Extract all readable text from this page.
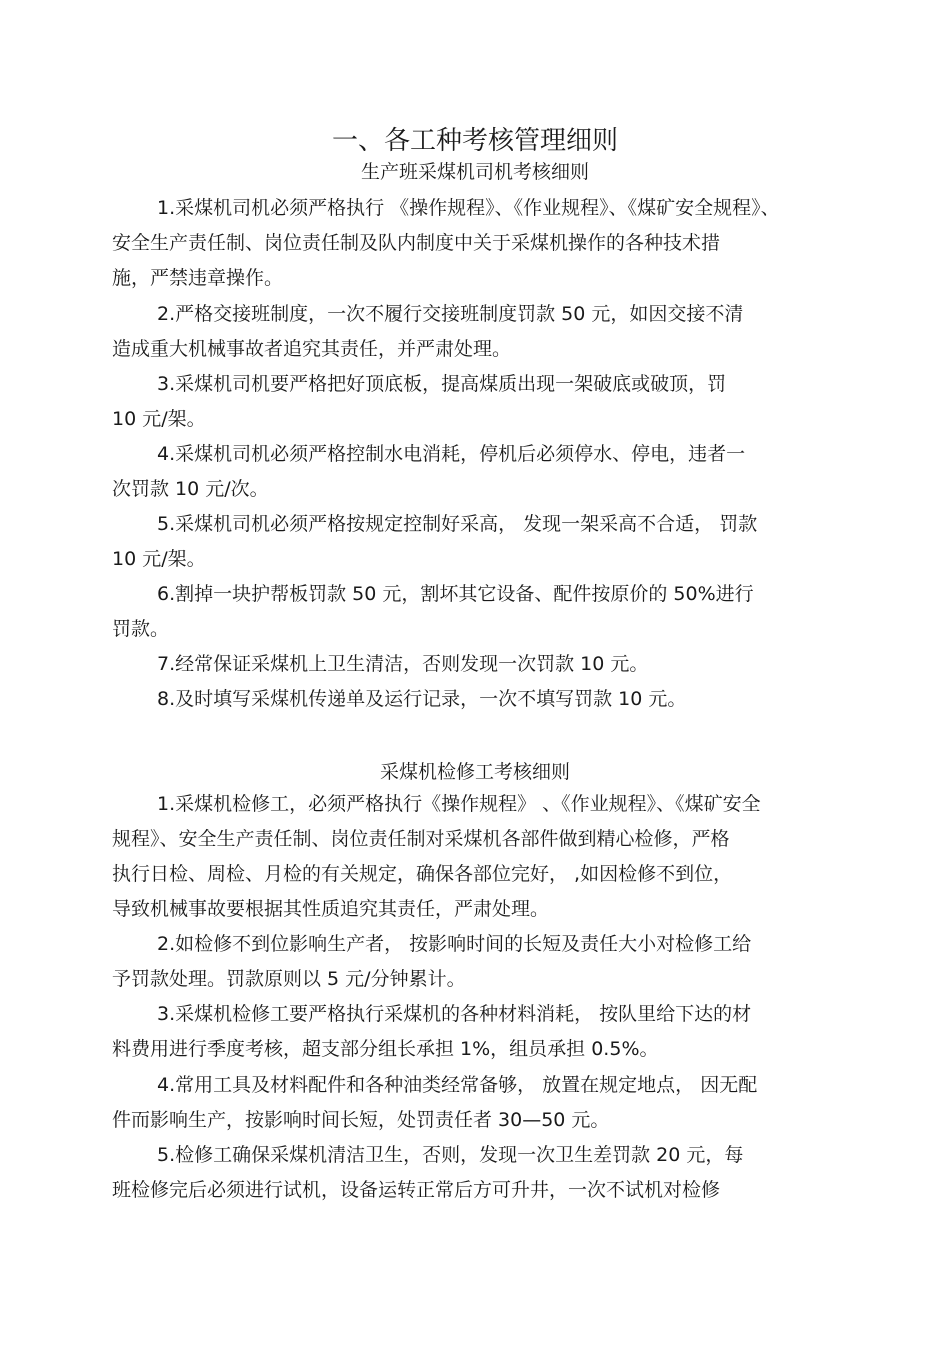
一、各工种考核管理细则
生产班采煤机司机考核细则
1.采煤机司机必须严格执行 《操作规程》、《作业规程》、《煤矿安全规程》、
安全生产责任制、岗位责任制及队内制度中关于采煤机操作的各种技术措
施，严禁违章操作。
2.严格交接班制度，一次不履行交接班制度罚款 50 元，如因交接不清
造成重大机械事故者追究其责任，并严肃处理。
3.采煤机司机要严格把好顶底板，提高煤质出现一架破底或破顶，罚
10 元/架。
4.采煤机司机必须严格控制水电消耗，停机后必须停水、停电，违者一
次罚款 10 元/次。
5.采煤机司机必须严格按规定控制好采高， 发现一架采高不合适， 罚款
10 元/架。
6.割掉一块护帮板罚款 50 元，割坏其它设备、配件按原价的 50%进行
罚款。
7.经常保证采煤机上卫生清洁，否则发现一次罚款 10 元。
8.及时填写采煤机传递单及运行记录，一次不填写罚款 10 元。
采煤机检修工考核细则
1.采煤机检修工，必须严格执行《操作规程》 、《作业规程》、《煤矿安全
规程》、安全生产责任制、岗位责任制对采煤机各部件做到精心检修，严格
执行日检、周检、月检的有关规定，确保各部位完好， ,如因检修不到位，
导致机械事故要根据其性质追究其责任，严肃处理。
2.如检修不到位影响生产者， 按影响时间的长短及责任大小对检修工给
予罚款处理。罚款原则以 5 元/分钟累计。
3.采煤机检修工要严格执行采煤机的各种材料消耗， 按队里给下达的材
料费用进行季度考核，超支部分组长承担 1%，组员承担 0.5%。
4.常用工具及材料配件和各种油类经常备够， 放置在规定地点， 因无配
件而影响生产，按影响时间长短，处罚责任者 30—50 元。
5.检修工确保采煤机清洁卫生，否则，发现一次卫生差罚款 20 元，每
班检修完后必须进行试机，设备运转正常后方可升井，一次不试机对检修
